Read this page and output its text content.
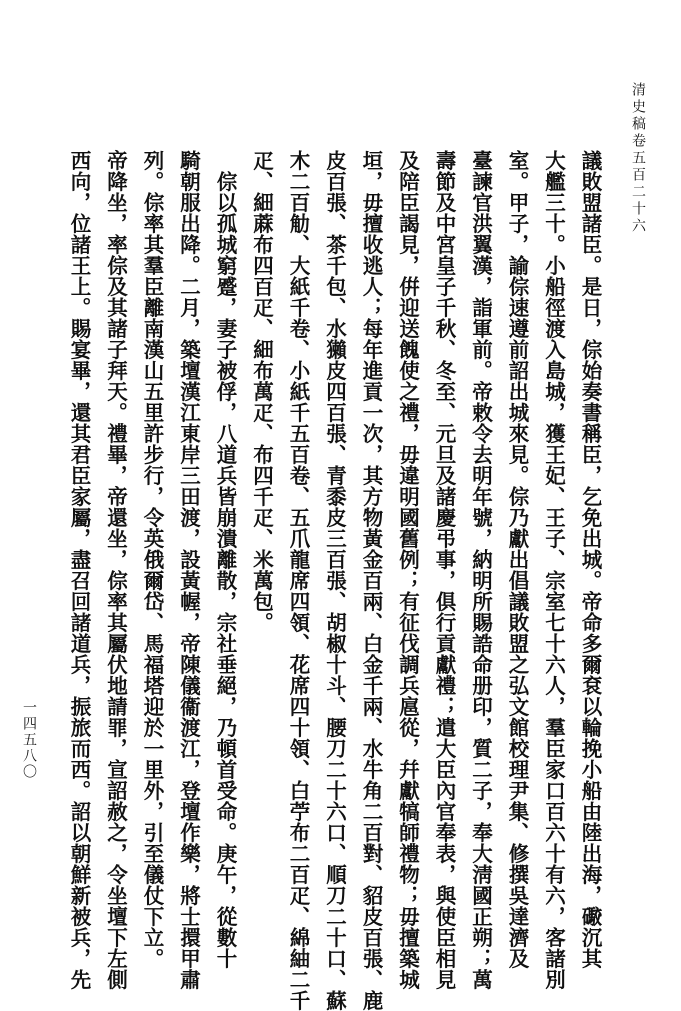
清史稿卷五百二十六
一四五八〇	議敗盟諸臣。是日，倧始奏書稱臣，乞免出城。帝命多爾袞以輪挽小船由陸出海，礮沉其
大艦三十。小船徑渡入島城，獲王妃、王子、宗室七十六人，羣臣家口百六十有六，客諸別
室。甲子，諭倧速遵前詔出城來見。倧乃獻出倡議敗盟之弘文館校理尹集、修撰吳達濟及
臺諫官洪翼漢，詣軍前。帝敕令去明年號，納明所賜誥命册印，質二子，奉大淸國正朔；萬
壽節及中宮皇子千秋、冬至、元旦及諸慶弔事，俱行貢獻禮；遣大臣內官奉表，與使臣相見
及陪臣謁見，倂迎送餽使之禮，毋違明國舊例；有征伐調兵扈從，幷獻犒師禮物；毋擅築城
垣，毋擅收逃人；每年進貢一次，其方物黃金百兩、白金千兩、水牛角二百對、貂皮百張、鹿
皮百張、茶千包、水獺皮四百張、青黍皮三百張、胡椒十斗、腰刀二十六口、順刀二十口、蘇
木二百觔、大紙千卷、小紙千五百卷、五爪龍席四領、花席四十領、白苧布二百疋、綿紬二千
疋、細蔴布四百疋、細布萬疋、布四千疋、米萬包。
　倧以孤城窮蹙，妻子被俘，八道兵皆崩潰離散，宗社垂絕，乃頓首受命。庚午，從數十
騎朝服出降。二月，築壇漢江東岸三田渡，設黃幄，帝陳儀衞渡江，登壇作樂，將士擐甲肅
列。倧率其羣臣離南漢山五里許步行，令英俄爾岱、馬福塔迎於一里外，引至儀仗下立。
帝降坐，率倧及其諸子拜天。禮畢，帝還坐，倧率其屬伏地請罪，宣詔赦之，令坐壇下左側
西向，位諸王上。賜宴畢，還其君臣家屬，盡召回諸道兵，振旅而西。詔以朝鮮新被兵，先
